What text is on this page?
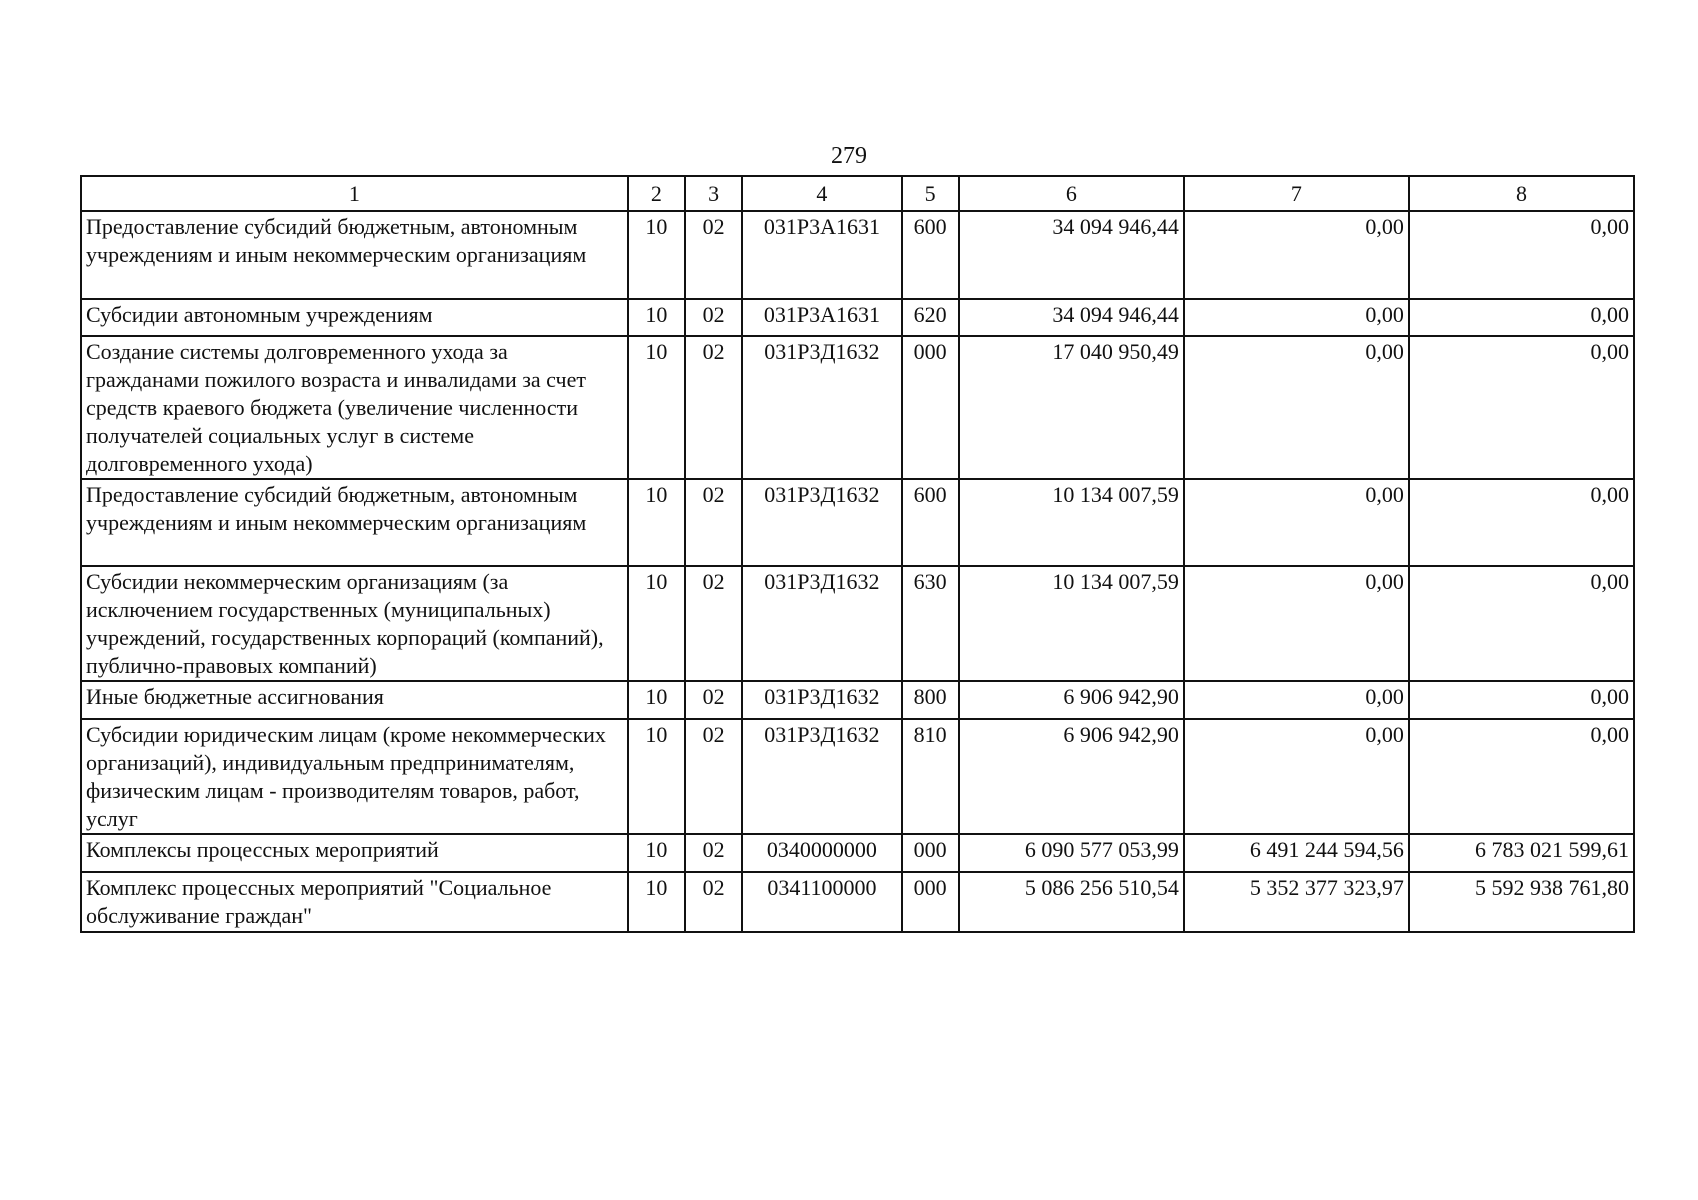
279
1	2	3	4	5	6	7	8
Предоставление субсидий бюджетным, автономным учреждениям и иным некоммерческим организациям	10	02	031Р3А1631	600	34 094 946,44	0,00	0,00
Субсидии автономным учреждениям	10	02	031Р3А1631	620	34 094 946,44	0,00	0,00
Создание системы долговременного ухода за гражданами пожилого возраста и инвалидами за счет средств краевого бюджета (увеличение численности получателей социальных услуг в системе долговременного ухода)	10	02	031Р3Д1632	000	17 040 950,49	0,00	0,00
Предоставление субсидий бюджетным, автономным учреждениям и иным некоммерческим организациям	10	02	031Р3Д1632	600	10 134 007,59	0,00	0,00
Субсидии некоммерческим организациям (за исключением государственных (муниципальных) учреждений, государственных корпораций (компаний), публично-правовых компаний)	10	02	031Р3Д1632	630	10 134 007,59	0,00	0,00
Иные бюджетные ассигнования	10	02	031Р3Д1632	800	6 906 942,90	0,00	0,00
Субсидии юридическим лицам (кроме некоммерческих организаций), индивидуальным предпринимателям, физическим лицам - производителям товаров, работ, услуг	10	02	031Р3Д1632	810	6 906 942,90	0,00	0,00
Комплексы процессных мероприятий	10	02	0340000000	000	6 090 577 053,99	6 491 244 594,56	6 783 021 599,61
Комплекс процессных мероприятий "Социальное обслуживание граждан"	10	02	0341100000	000	5 086 256 510,54	5 352 377 323,97	5 592 938 761,80
